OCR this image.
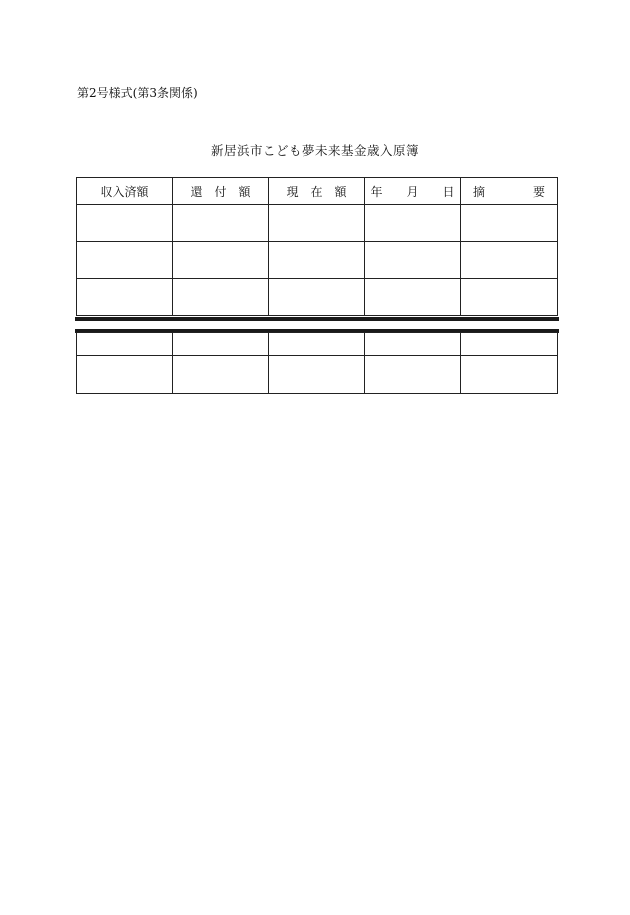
第2号様式(第3条関係)
新居浜市こども夢未来基金歳入原簿
収入済額	還　付　額	現　在　額	年　　月　　日	摘　　　　要
